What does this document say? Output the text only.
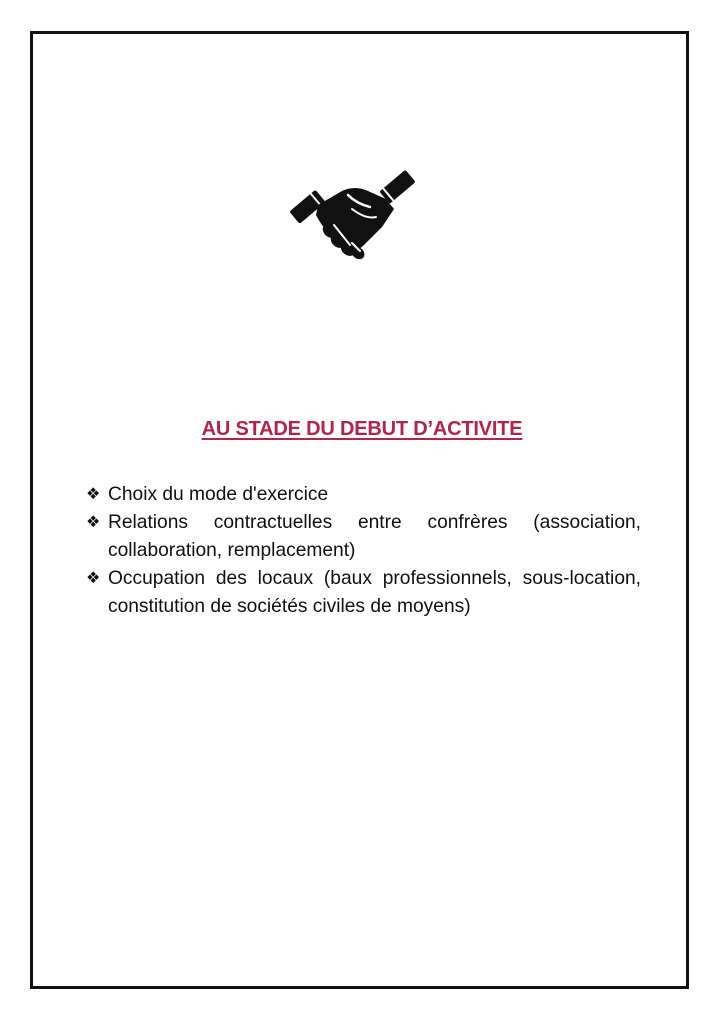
AU STADE DU DEBUT D’ACTIVITE
❖ Choix du mode d'exercice
❖ Relations contractuelles entre confrères (association, collaboration, remplacement)
❖ Occupation des locaux (baux professionnels, sous-location, constitution de sociétés civiles de moyens)
